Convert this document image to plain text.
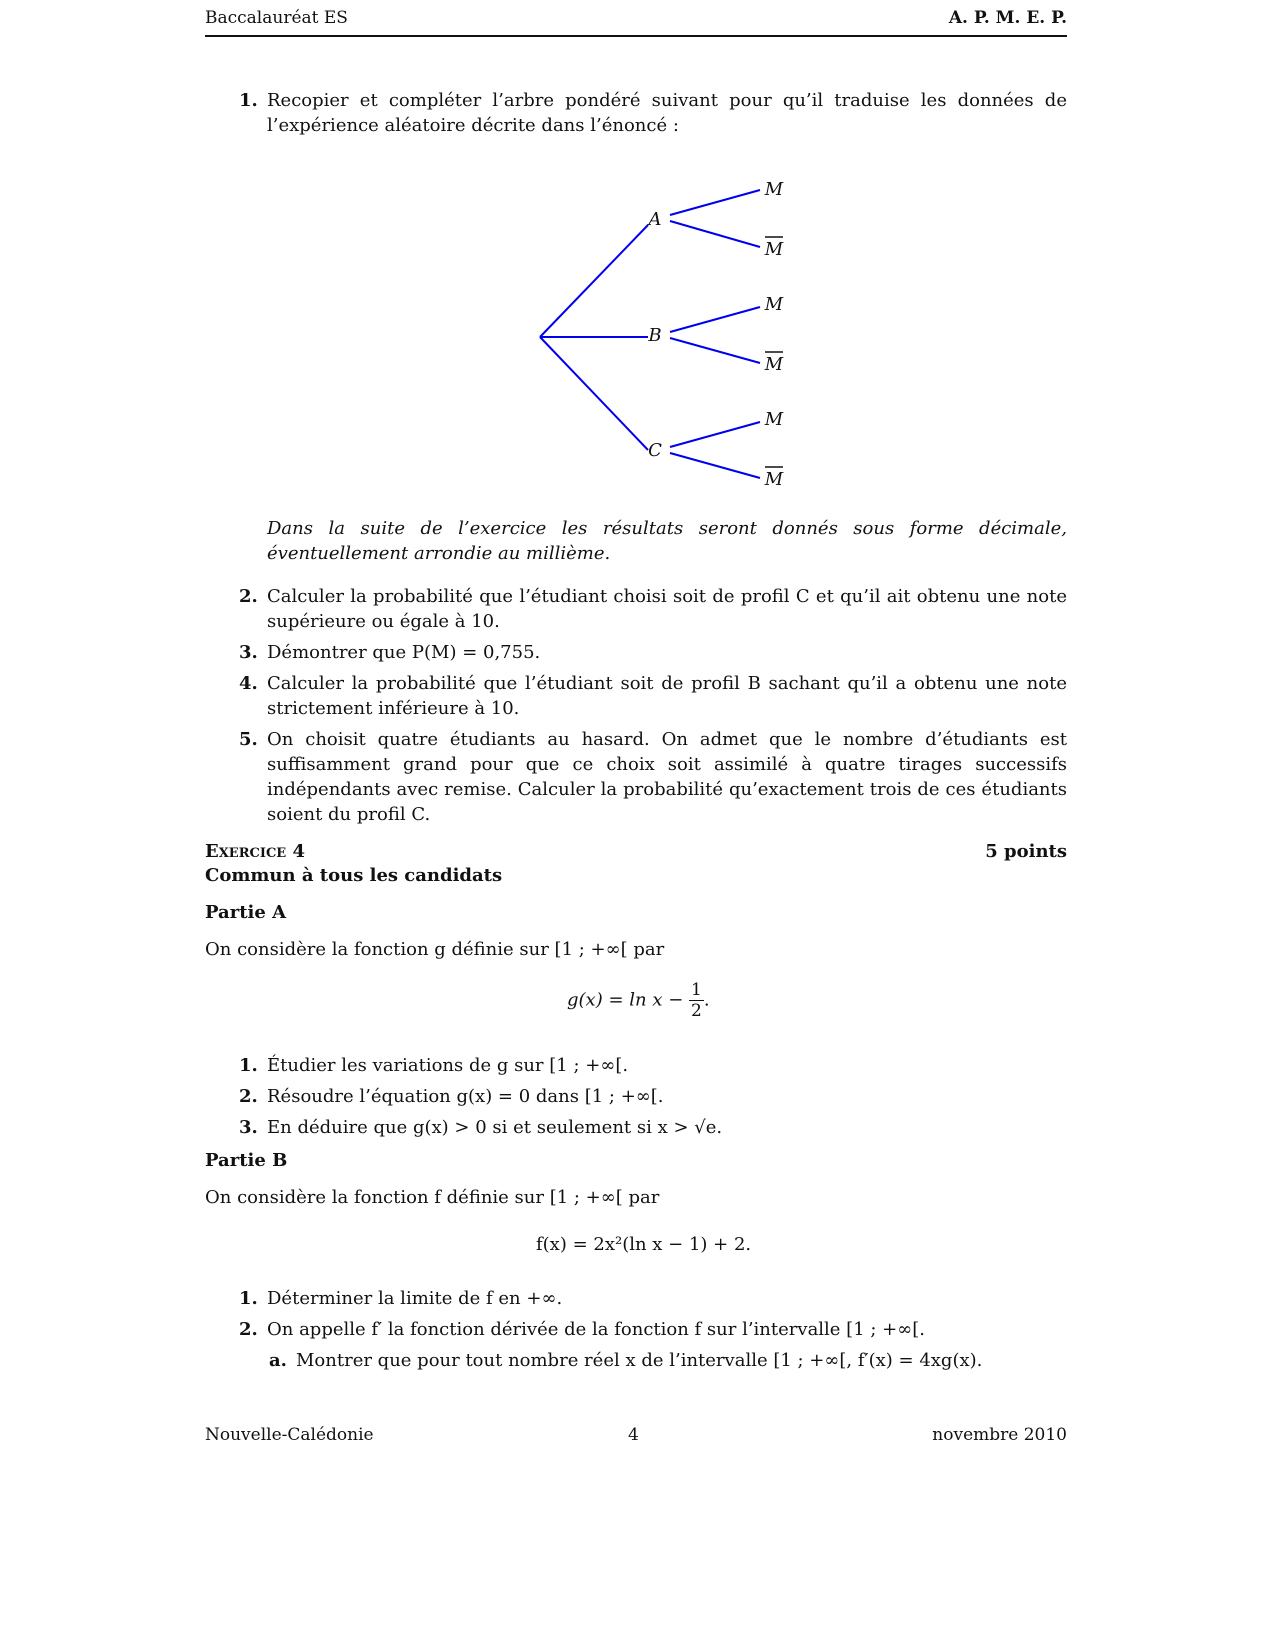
Baccalauréat ES	A. P. M. E. P.
1. Recopier et compléter l’arbre pondéré suivant pour qu’il traduise les données de l’expérience aléatoire décrite dans l’énoncé :
A
B
C
M
M
M
M
M
M
Dans la suite de l’exercice les résultats seront donnés sous forme décimale, éventuellement arrondie au millième.
2. Calculer la probabilité que l’étudiant choisi soit de profil C et qu’il ait obtenu une note supérieure ou égale à 10.
3. Démontrer que P(M) = 0,755.
4. Calculer la probabilité que l’étudiant soit de profil B sachant qu’il a obtenu une note strictement inférieure à 10.
5. On choisit quatre étudiants au hasard. On admet que le nombre d’étudiants est suffisamment grand pour que ce choix soit assimilé à quatre tirages successifs indépendants avec remise. Calculer la probabilité qu’exactement trois de ces étudiants soient du profil C.
Exercice 4	5 points
Commun à tous les candidats
Partie A
On considère la fonction g définie sur [1 ; +∞[ par
$g(x) = \ln x - \frac{1}{2}$ .
1. Étudier les variations de g sur [1 ; +∞[.
2. Résoudre l’équation g(x) = 0 dans [1 ; +∞[.
3. En déduire que g(x) > 0 si et seulement si x > √e.
Partie B
On considère la fonction f définie sur [1 ; +∞[ par
f(x) = 2x²(ln x − 1) + 2.
1. Déterminer la limite de f en +∞.
2. On appelle f′ la fonction dérivée de la fonction f sur l’intervalle [1 ; +∞[.
a. Montrer que pour tout nombre réel x de l’intervalle [1 ; +∞[, f′(x) = 4xg(x).
Nouvelle-Calédonie	4	novembre 2010
